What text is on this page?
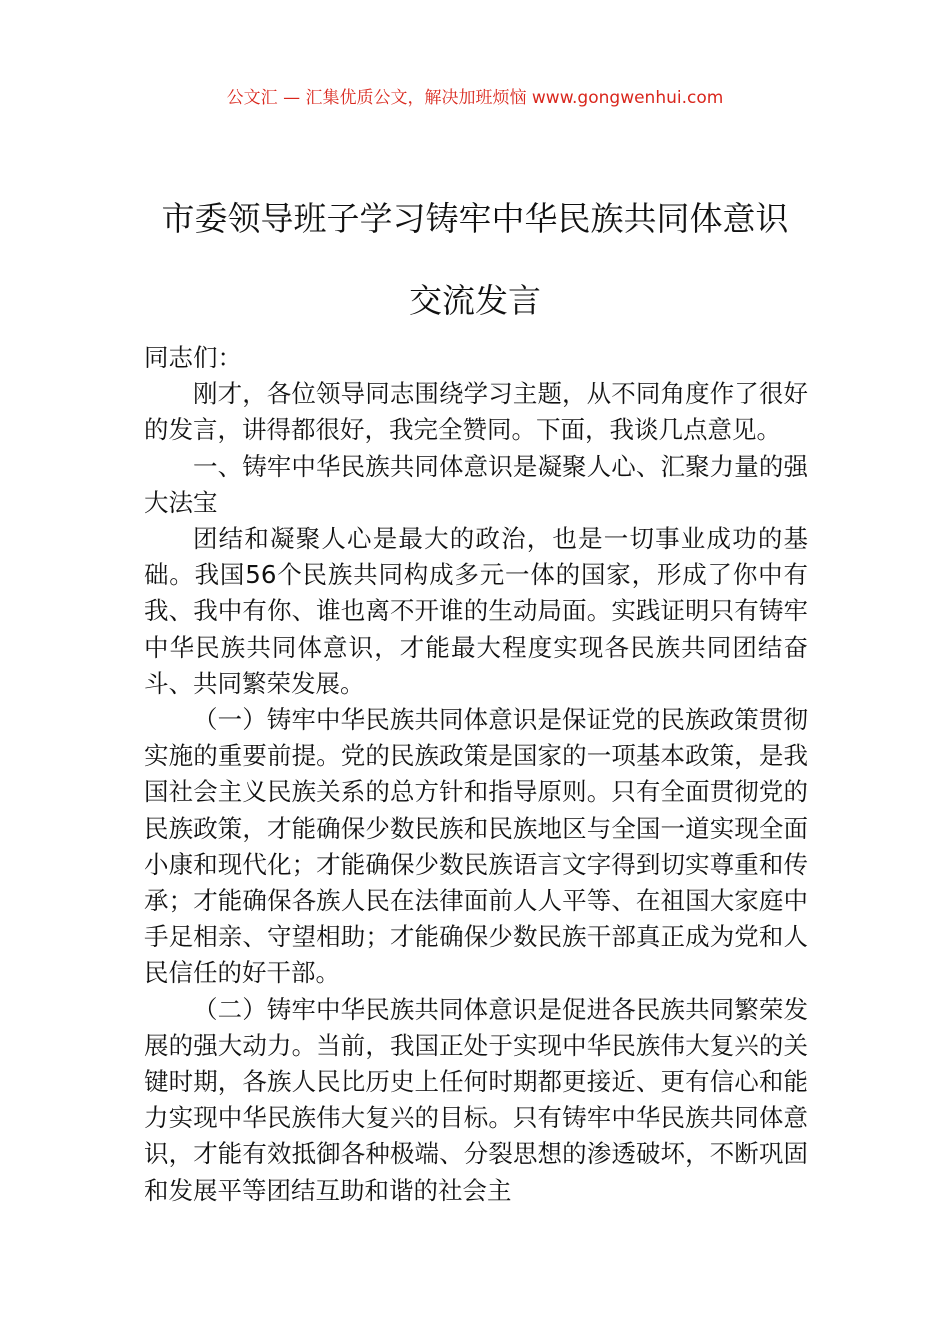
公文汇 — 汇集优质公文，解决加班烦恼 www.gongwenhui.com
市委领导班子学习铸牢中华民族共同体意识交流发言

同志们：

刚才，各位领导同志围绕学习主题，从不同角度作了很好的发言，讲得都很好，我完全赞同。下面，我谈几点意见。

一、铸牢中华民族共同体意识是凝聚人心、汇聚力量的强大法宝

团结和凝聚人心是最大的政治，也是一切事业成功的基础。我国56个民族共同构成多元一体的国家，形成了你中有我、我中有你、谁也离不开谁的生动局面。实践证明只有铸牢中华民族共同体意识，才能最大程度实现各民族共同团结奋斗、共同繁荣发展。

（一）铸牢中华民族共同体意识是保证党的民族政策贯彻实施的重要前提。党的民族政策是国家的一项基本政策，是我国社会主义民族关系的总方针和指导原则。只有全面贯彻党的民族政策，才能确保少数民族和民族地区与全国一道实现全面小康和现代化；才能确保少数民族语言文字得到切实尊重和传承；才能确保各族人民在法律面前人人平等、在祖国大家庭中手足相亲、守望相助；才能确保少数民族干部真正成为党和人民信任的好干部。

（二）铸牢中华民族共同体意识是促进各民族共同繁荣发展的强大动力。当前，我国正处于实现中华民族伟大复兴的关键时期，各族人民比历史上任何时期都更接近、更有信心和能力实现中华民族伟大复兴的目标。只有铸牢中华民族共同体意识，才能有效抵御各种极端、分裂思想的渗透破坏，不断巩固和发展平等团结互助和谐的社会主
